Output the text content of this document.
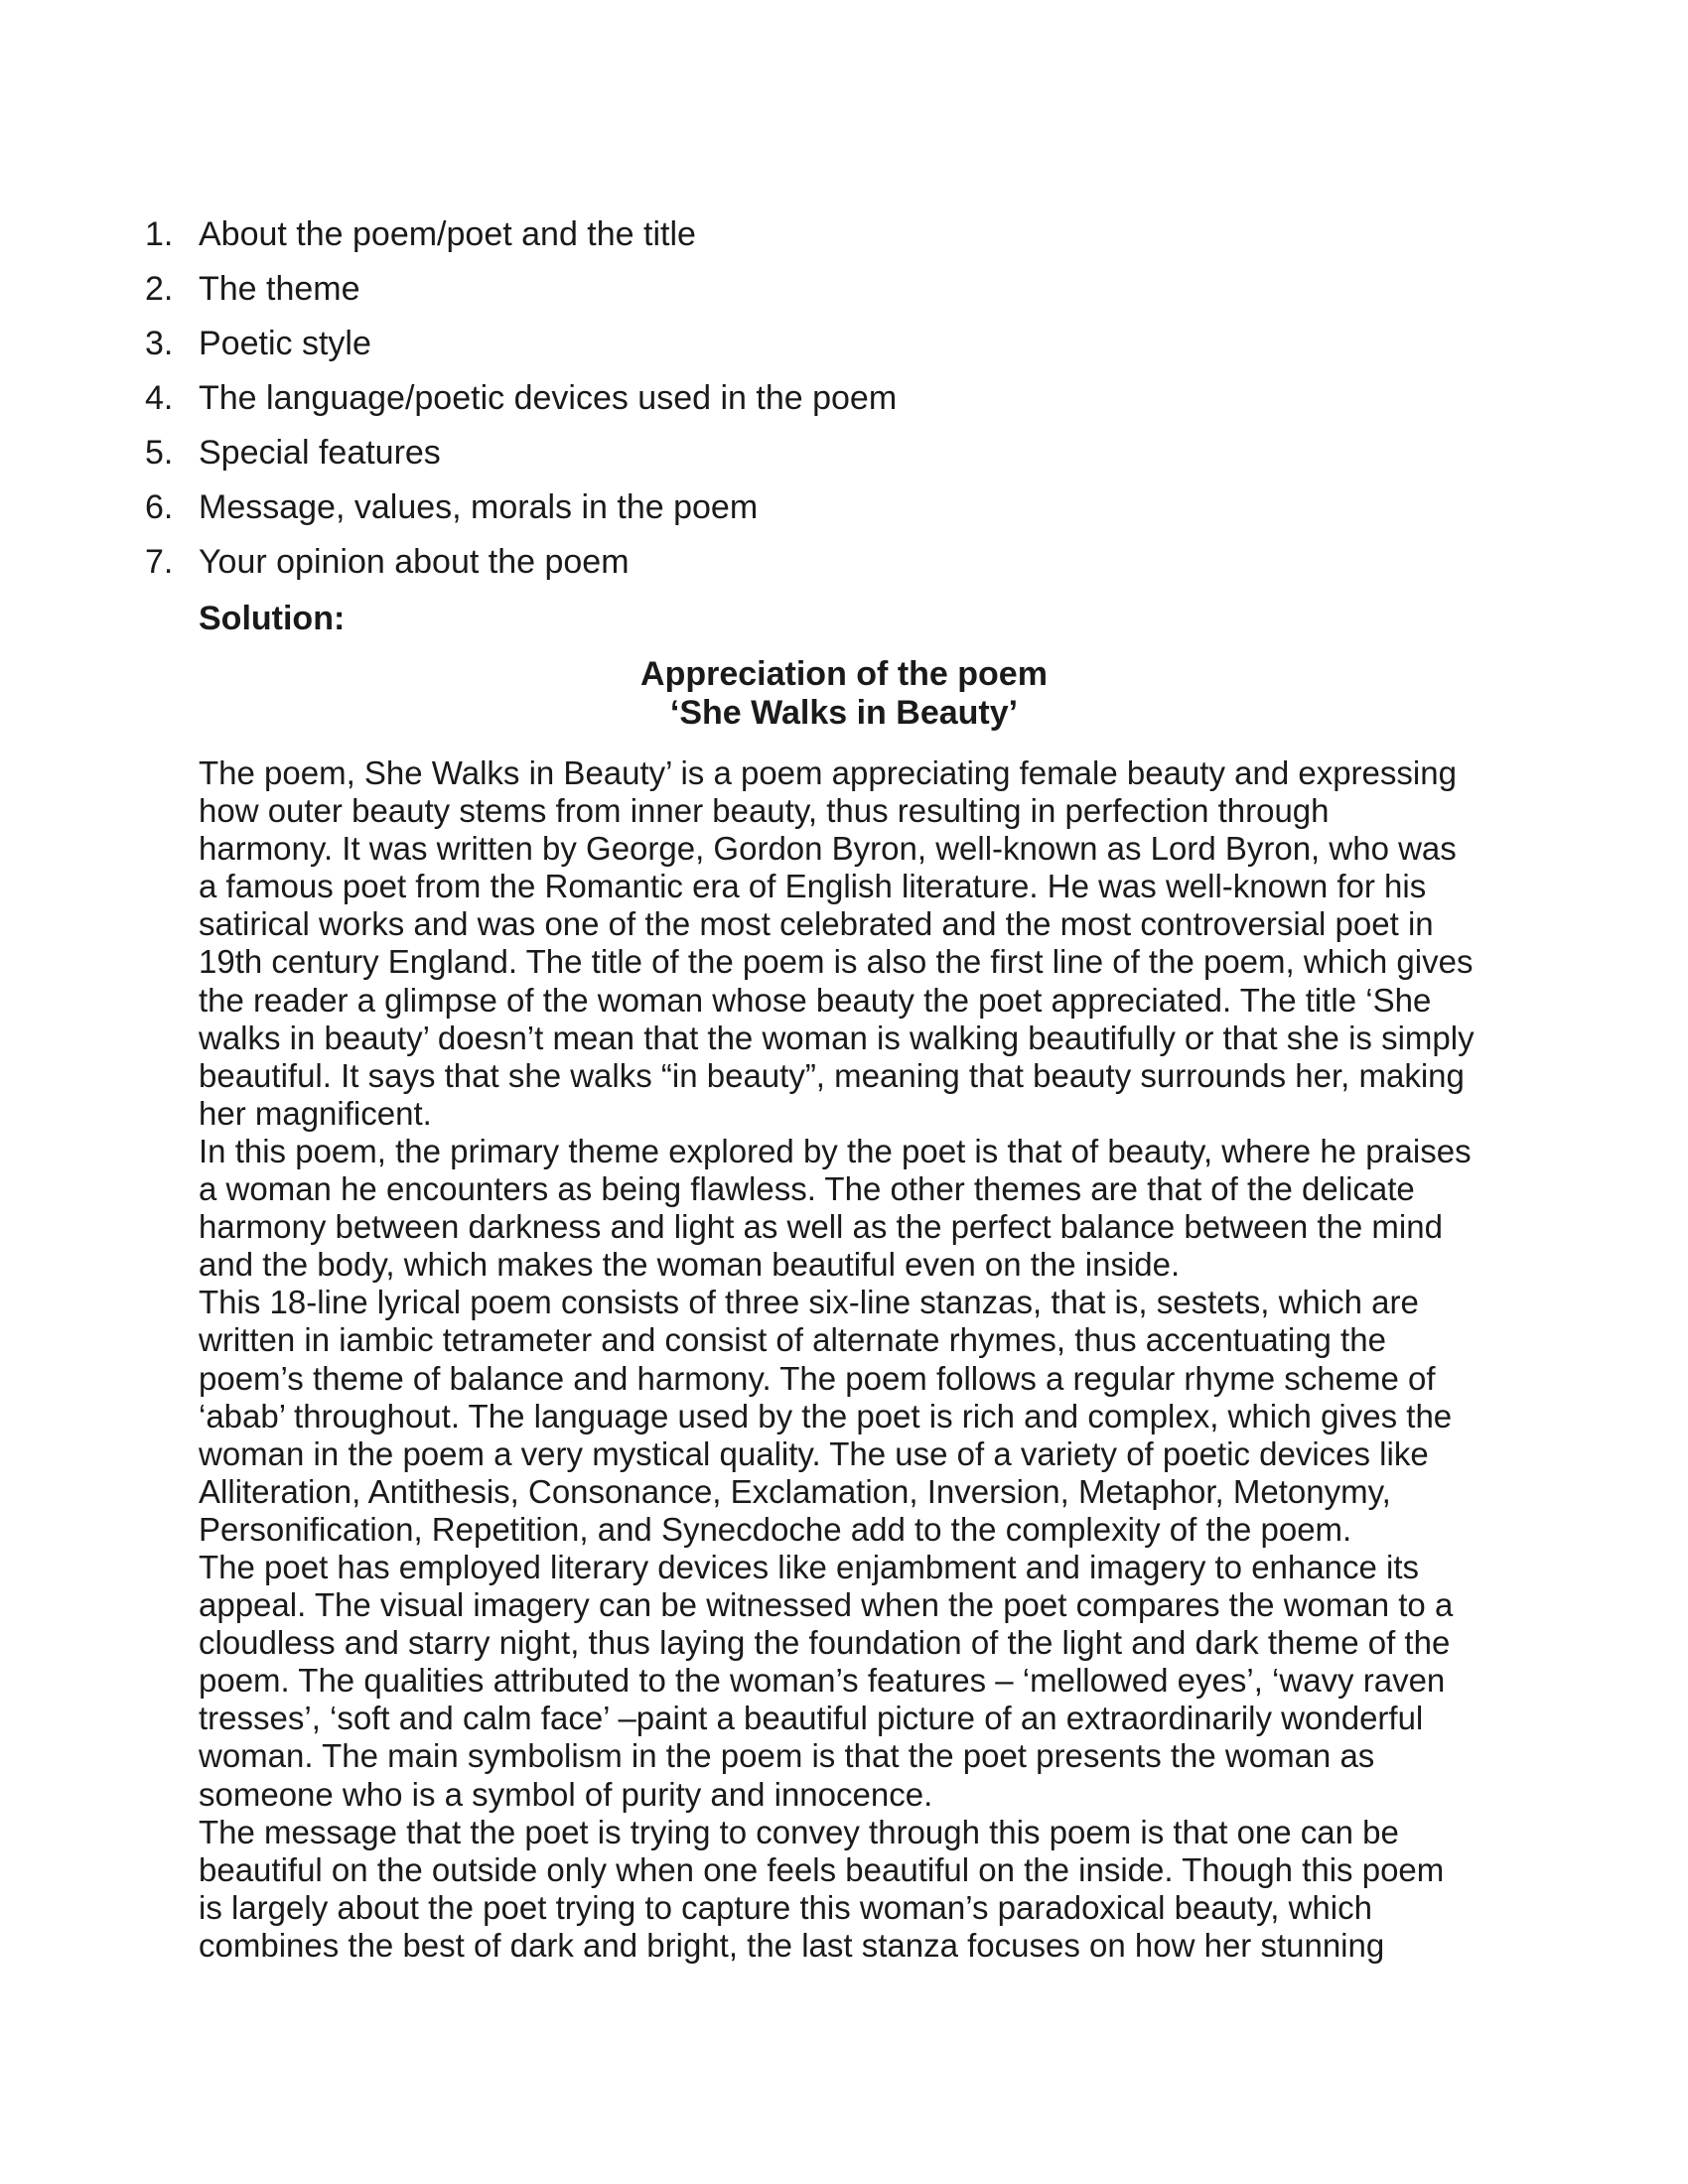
1. About the poem/poet and the title
2. The theme
3. Poetic style
4. The language/poetic devices used in the poem
5. Special features
6. Message, values, morals in the poem
7. Your opinion about the poem
Solution:
Appreciation of the poem
‘She Walks in Beauty’
The poem, She Walks in Beauty’ is a poem appreciating female beauty and expressing
how outer beauty stems from inner beauty, thus resulting in perfection through
harmony. It was written by George, Gordon Byron, well-known as Lord Byron, who was
a famous poet from the Romantic era of English literature. He was well-known for his
satirical works and was one of the most celebrated and the most controversial poet in
19th century England. The title of the poem is also the first line of the poem, which gives
the reader a glimpse of the woman whose beauty the poet appreciated. The title ‘She
walks in beauty’ doesn’t mean that the woman is walking beautifully or that she is simply
beautiful. It says that she walks “in beauty”, meaning that beauty surrounds her, making
her magnificent.
In this poem, the primary theme explored by the poet is that of beauty, where he praises
a woman he encounters as being flawless. The other themes are that of the delicate
harmony between darkness and light as well as the perfect balance between the mind
and the body, which makes the woman beautiful even on the inside.
This 18-line lyrical poem consists of three six-line stanzas, that is, sestets, which are
written in iambic tetrameter and consist of alternate rhymes, thus accentuating the
poem’s theme of balance and harmony. The poem follows a regular rhyme scheme of
‘abab’ throughout. The language used by the poet is rich and complex, which gives the
woman in the poem a very mystical quality. The use of a variety of poetic devices like
Alliteration, Antithesis, Consonance, Exclamation, Inversion, Metaphor, Metonymy,
Personification, Repetition, and Synecdoche add to the complexity of the poem.
The poet has employed literary devices like enjambment and imagery to enhance its
appeal. The visual imagery can be witnessed when the poet compares the woman to a
cloudless and starry night, thus laying the foundation of the light and dark theme of the
poem. The qualities attributed to the woman’s features – ‘mellowed eyes’, ‘wavy raven
tresses’, ‘soft and calm face’ –paint a beautiful picture of an extraordinarily wonderful
woman. The main symbolism in the poem is that the poet presents the woman as
someone who is a symbol of purity and innocence.
The message that the poet is trying to convey through this poem is that one can be
beautiful on the outside only when one feels beautiful on the inside. Though this poem
is largely about the poet trying to capture this woman’s paradoxical beauty, which
combines the best of dark and bright, the last stanza focuses on how her stunning
